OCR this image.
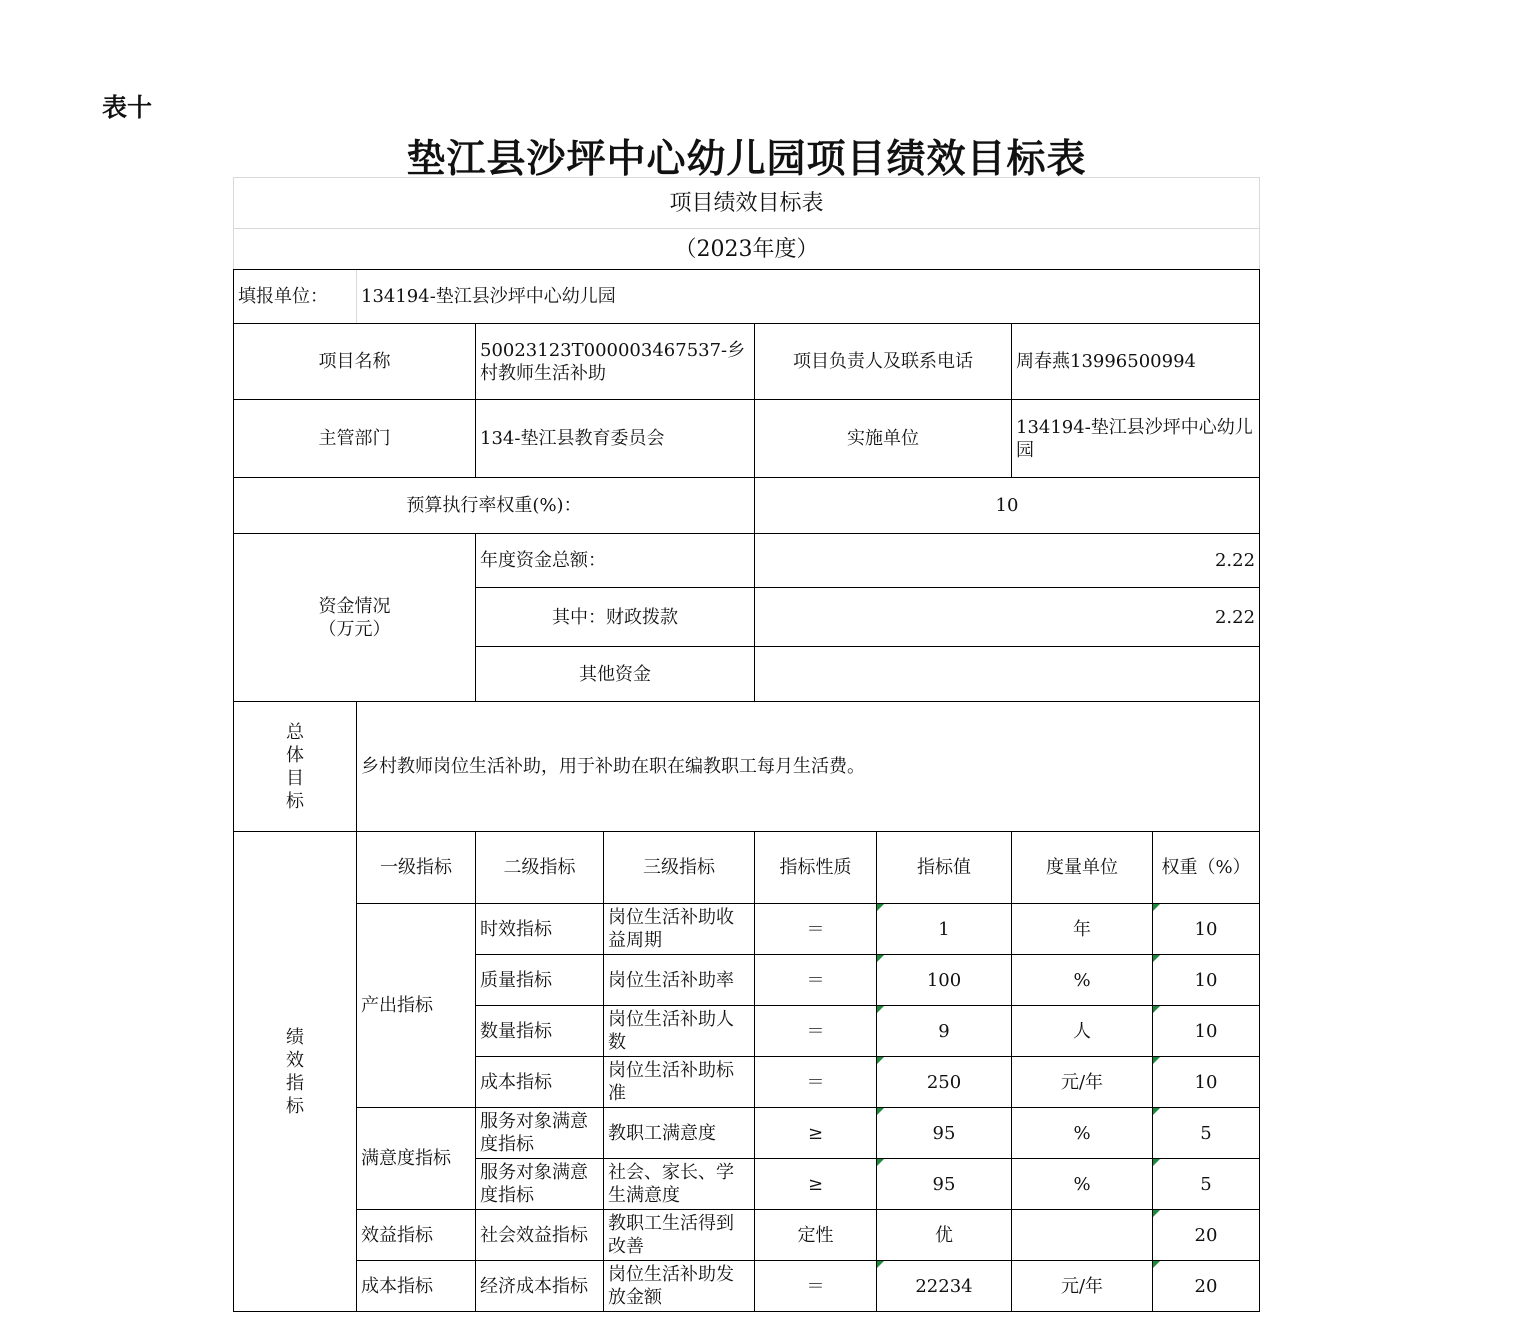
表十
垫江县沙坪中心幼儿园项目绩效目标表
项目绩效目标表							
（2023年度）							
填报单位：	134194-垫江县沙坪中心幼儿园						
项目名称		50023123T000003467537-乡村教师生活补助		项目负责人及联系电话		周春燕13996500994	
主管部门		134-垫江县教育委员会		实施单位		134194-垫江县沙坪中心幼儿园	
预算执行率权重(%)：				10			
资金情况（万元）		年度资金总额：		2.22			
		其中：财政拨款		2.22			
		其他资金					
总体目标	乡村教师岗位生活补助，用于补助在职在编教职工每月生活费。						
绩效指标	一级指标	二级指标	三级指标	指标性质	指标值	度量单位	权重（%）
	产出指标	时效指标	岗位生活补助收益周期	＝	1	年	10
		质量指标	岗位生活补助率	＝	100	%	10
		数量指标	岗位生活补助人数	＝	9	人	10
		成本指标	岗位生活补助标准	＝	250	元/年	10
	满意度指标	服务对象满意度指标	教职工满意度	≥	95	%	5
		服务对象满意度指标	社会、家长、学生满意度	≥	95	%	5
	效益指标	社会效益指标	教职工生活得到改善	定性	优		20
	成本指标	经济成本指标	岗位生活补助发放金额	＝	22234	元/年	20
